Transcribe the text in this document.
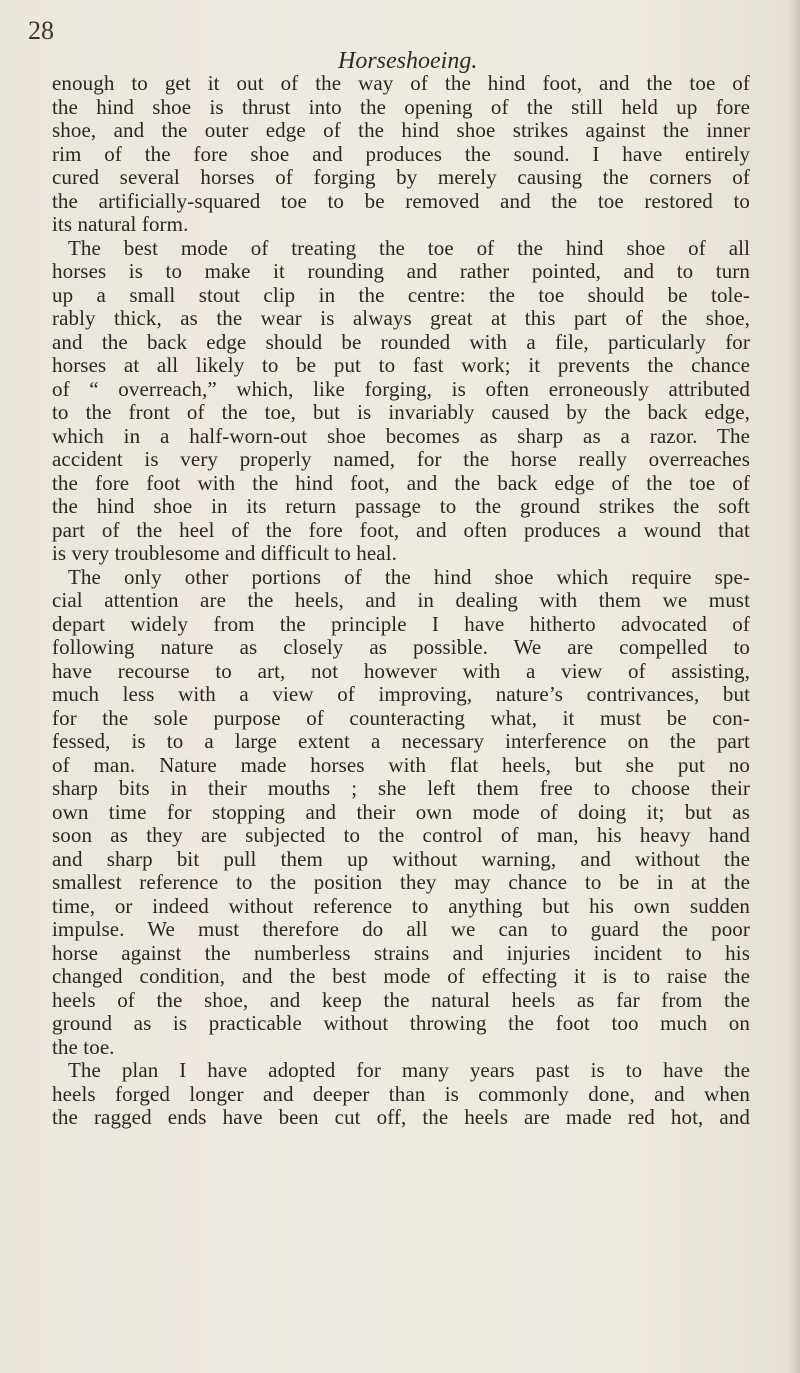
28
Horseshoeing.
enough to get it out of the way of the hind foot, and the toe of
the hind shoe is thrust into the opening of the still held up fore
shoe, and the outer edge of the hind shoe strikes against the inner
rim of the fore shoe and produces the sound. I have entirely
cured several horses of forging by merely causing the corners of
the artificially-squared toe to be removed and the toe restored to
its natural form.
The best mode of treating the toe of the hind shoe of all
horses is to make it rounding and rather pointed, and to turn
up a small stout clip in the centre: the toe should be tole-
rably thick, as the wear is always great at this part of the shoe,
and the back edge should be rounded with a file, particularly for
horses at all likely to be put to fast work; it prevents the chance
of “ overreach,” which, like forging, is often erroneously attributed
to the front of the toe, but is invariably caused by the back edge,
which in a half-worn-out shoe becomes as sharp as a razor. The
accident is very properly named, for the horse really overreaches
the fore foot with the hind foot, and the back edge of the toe of
the hind shoe in its return passage to the ground strikes the soft
part of the heel of the fore foot, and often produces a wound that
is very troublesome and difficult to heal.
The only other portions of the hind shoe which require spe-
cial attention are the heels, and in dealing with them we must
depart widely from the principle I have hitherto advocated of
following nature as closely as possible. We are compelled to
have recourse to art, not however with a view of assisting,
much less with a view of improving, nature’s contrivances, but
for the sole purpose of counteracting what, it must be con-
fessed, is to a large extent a necessary interference on the part
of man. Nature made horses with flat heels, but she put no
sharp bits in their mouths ; she left them free to choose their
own time for stopping and their own mode of doing it; but as
soon as they are subjected to the control of man, his heavy hand
and sharp bit pull them up without warning, and without the
smallest reference to the position they may chance to be in at the
time, or indeed without reference to anything but his own sudden
impulse. We must therefore do all we can to guard the poor
horse against the numberless strains and injuries incident to his
changed condition, and the best mode of effecting it is to raise the
heels of the shoe, and keep the natural heels as far from the
ground as is practicable without throwing the foot too much on
the toe.
The plan I have adopted for many years past is to have the
heels forged longer and deeper than is commonly done, and when
the ragged ends have been cut off, the heels are made red hot, and
